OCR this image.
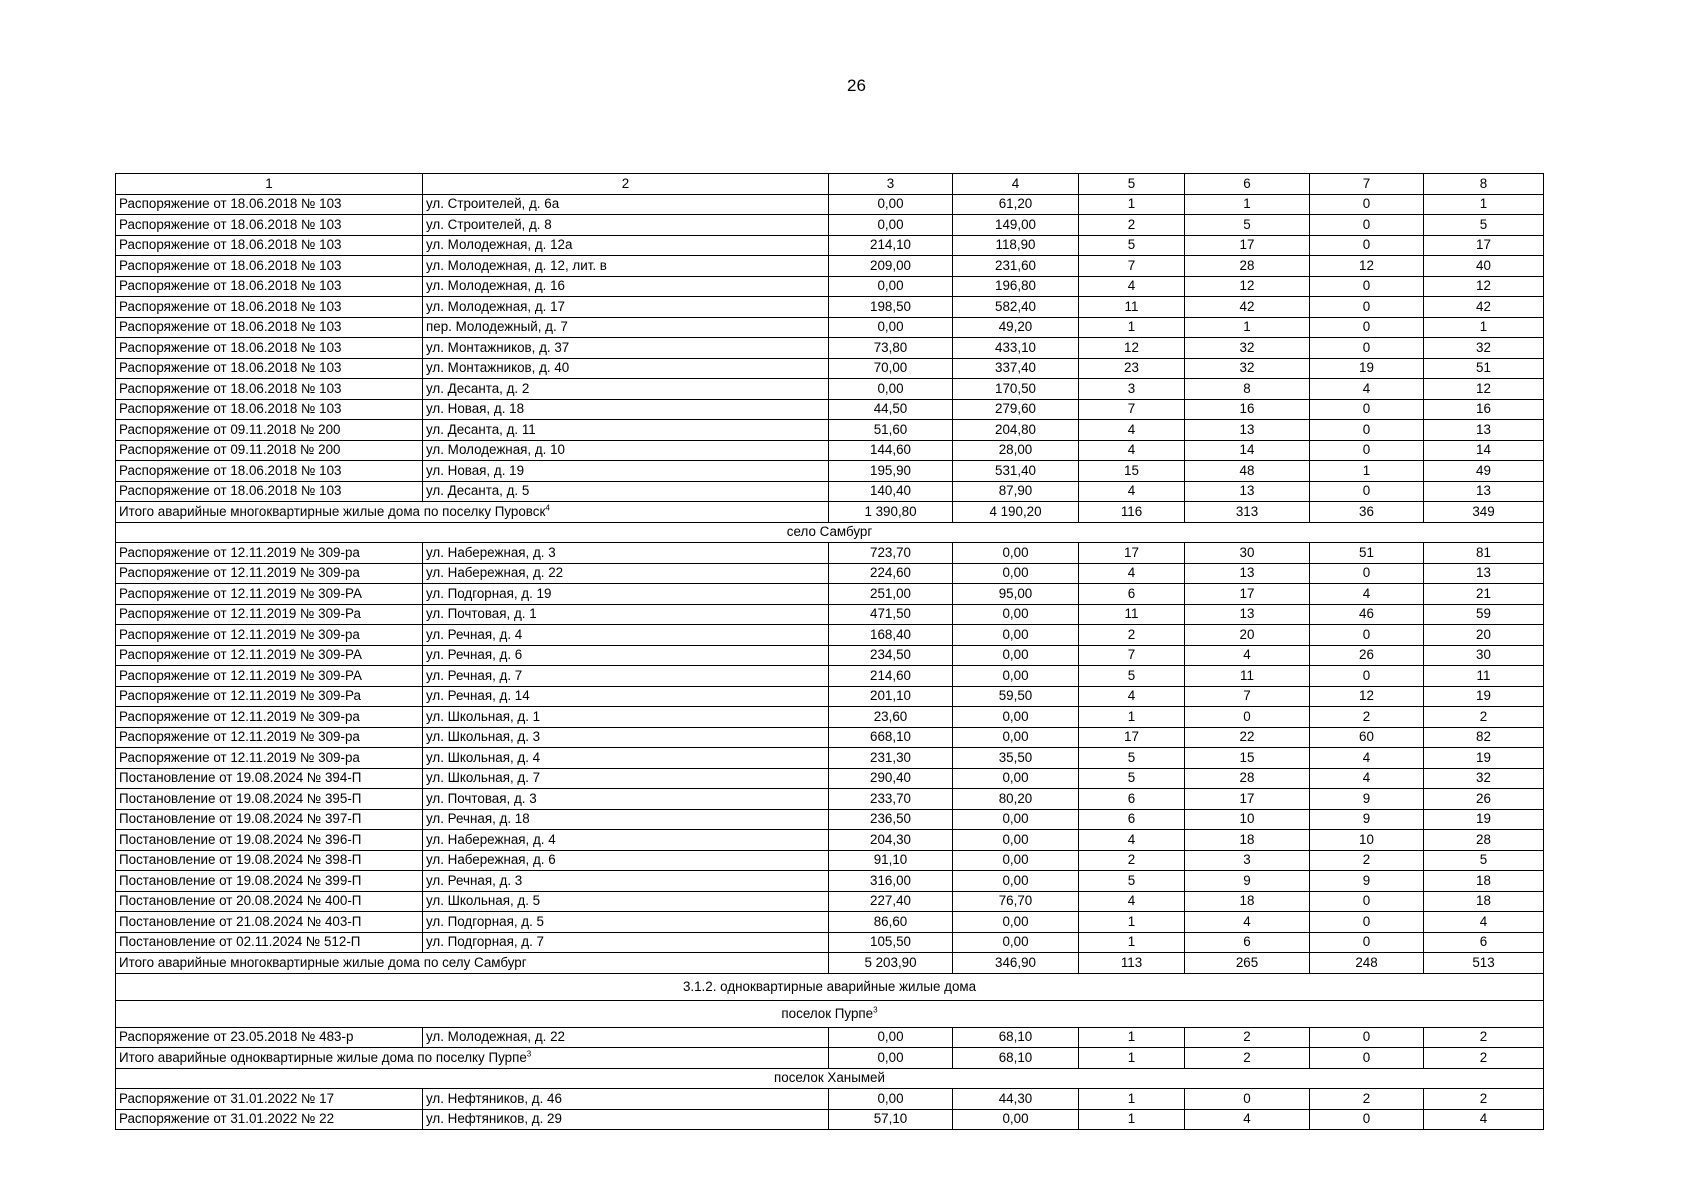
26
1	2	3	4	5	6	7	8
Распоряжение от 18.06.2018 № 103	ул. Строителей, д. 6а	0,00	61,20	1	1	0	1
Распоряжение от 18.06.2018 № 103	ул. Строителей, д. 8	0,00	149,00	2	5	0	5
Распоряжение от 18.06.2018 № 103	ул. Молодежная, д. 12а	214,10	118,90	5	17	0	17
Распоряжение от 18.06.2018 № 103	ул. Молодежная, д. 12, лит. в	209,00	231,60	7	28	12	40
Распоряжение от 18.06.2018 № 103	ул. Молодежная, д. 16	0,00	196,80	4	12	0	12
Распоряжение от 18.06.2018 № 103	ул. Молодежная, д. 17	198,50	582,40	11	42	0	42
Распоряжение от 18.06.2018 № 103	пер. Молодежный, д. 7	0,00	49,20	1	1	0	1
Распоряжение от 18.06.2018 № 103	ул. Монтажников, д. 37	73,80	433,10	12	32	0	32
Распоряжение от 18.06.2018 № 103	ул. Монтажников, д. 40	70,00	337,40	23	32	19	51
Распоряжение от 18.06.2018 № 103	ул. Десанта, д. 2	0,00	170,50	3	8	4	12
Распоряжение от 18.06.2018 № 103	ул. Новая, д. 18	44,50	279,60	7	16	0	16
Распоряжение от 09.11.2018 № 200	ул. Десанта, д. 11	51,60	204,80	4	13	0	13
Распоряжение от 09.11.2018 № 200	ул. Молодежная, д. 10	144,60	28,00	4	14	0	14
Распоряжение от 18.06.2018 № 103	ул. Новая, д. 19	195,90	531,40	15	48	1	49
Распоряжение от 18.06.2018 № 103	ул. Десанта, д. 5	140,40	87,90	4	13	0	13
Итого аварийные многоквартирные жилые дома по поселку Пуровск$^4$		1 390,80	4 190,20	116	313	36	349
село Самбург							
Распоряжение от 12.11.2019 № 309-ра	ул. Набережная, д. 3	723,70	0,00	17	30	51	81
Распоряжение от 12.11.2019 № 309-ра	ул. Набережная, д. 22	224,60	0,00	4	13	0	13
Распоряжение от 12.11.2019 № 309-РА	ул. Подгорная, д. 19	251,00	95,00	6	17	4	21
Распоряжение от 12.11.2019 № 309-Ра	ул. Почтовая, д. 1	471,50	0,00	11	13	46	59
Распоряжение от 12.11.2019 № 309-ра	ул. Речная, д. 4	168,40	0,00	2	20	0	20
Распоряжение от 12.11.2019 № 309-РА	ул. Речная, д. 6	234,50	0,00	7	4	26	30
Распоряжение от 12.11.2019 № 309-РА	ул. Речная, д. 7	214,60	0,00	5	11	0	11
Распоряжение от 12.11.2019 № 309-Ра	ул. Речная, д. 14	201,10	59,50	4	7	12	19
Распоряжение от 12.11.2019 № 309-ра	ул. Школьная, д. 1	23,60	0,00	1	0	2	2
Распоряжение от 12.11.2019 № 309-ра	ул. Школьная, д. 3	668,10	0,00	17	22	60	82
Распоряжение от 12.11.2019 № 309-ра	ул. Школьная, д. 4	231,30	35,50	5	15	4	19
Постановление от 19.08.2024 № 394-П	ул. Школьная, д. 7	290,40	0,00	5	28	4	32
Постановление от 19.08.2024 № 395-П	ул. Почтовая, д. 3	233,70	80,20	6	17	9	26
Постановление от 19.08.2024 № 397-П	ул. Речная, д. 18	236,50	0,00	6	10	9	19
Постановление от 19.08.2024 № 396-П	ул. Набережная, д. 4	204,30	0,00	4	18	10	28
Постановление от 19.08.2024 № 398-П	ул. Набережная, д. 6	91,10	0,00	2	3	2	5
Постановление от 19.08.2024 № 399-П	ул. Речная, д. 3	316,00	0,00	5	9	9	18
Постановление от 20.08.2024 № 400-П	ул. Школьная, д. 5	227,40	76,70	4	18	0	18
Постановление от 21.08.2024 № 403-П	ул. Подгорная, д. 5	86,60	0,00	1	4	0	4
Постановление от 02.11.2024 № 512-П	ул. Подгорная, д. 7	105,50	0,00	1	6	0	6
Итого аварийные многоквартирные жилые дома по селу Самбург		5 203,90	346,90	113	265	248	513
3.1.2. одноквартирные аварийные жилые дома							
поселок Пурпе$^3$
Распоряжение от 23.05.2018 № 483-р	ул. Молодежная, д. 22	0,00	68,10	1	2	0	2
Итого аварийные одноквартирные жилые дома по поселку Пурпе$^3$		0,00	68,10	1	2	0	2
поселок Ханымей							
Распоряжение от 31.01.2022 № 17	ул. Нефтяников, д. 46	0,00	44,30	1	0	2	2
Распоряжение от 31.01.2022 № 22	ул. Нефтяников, д. 29	57,10	0,00	1	4	0	4
